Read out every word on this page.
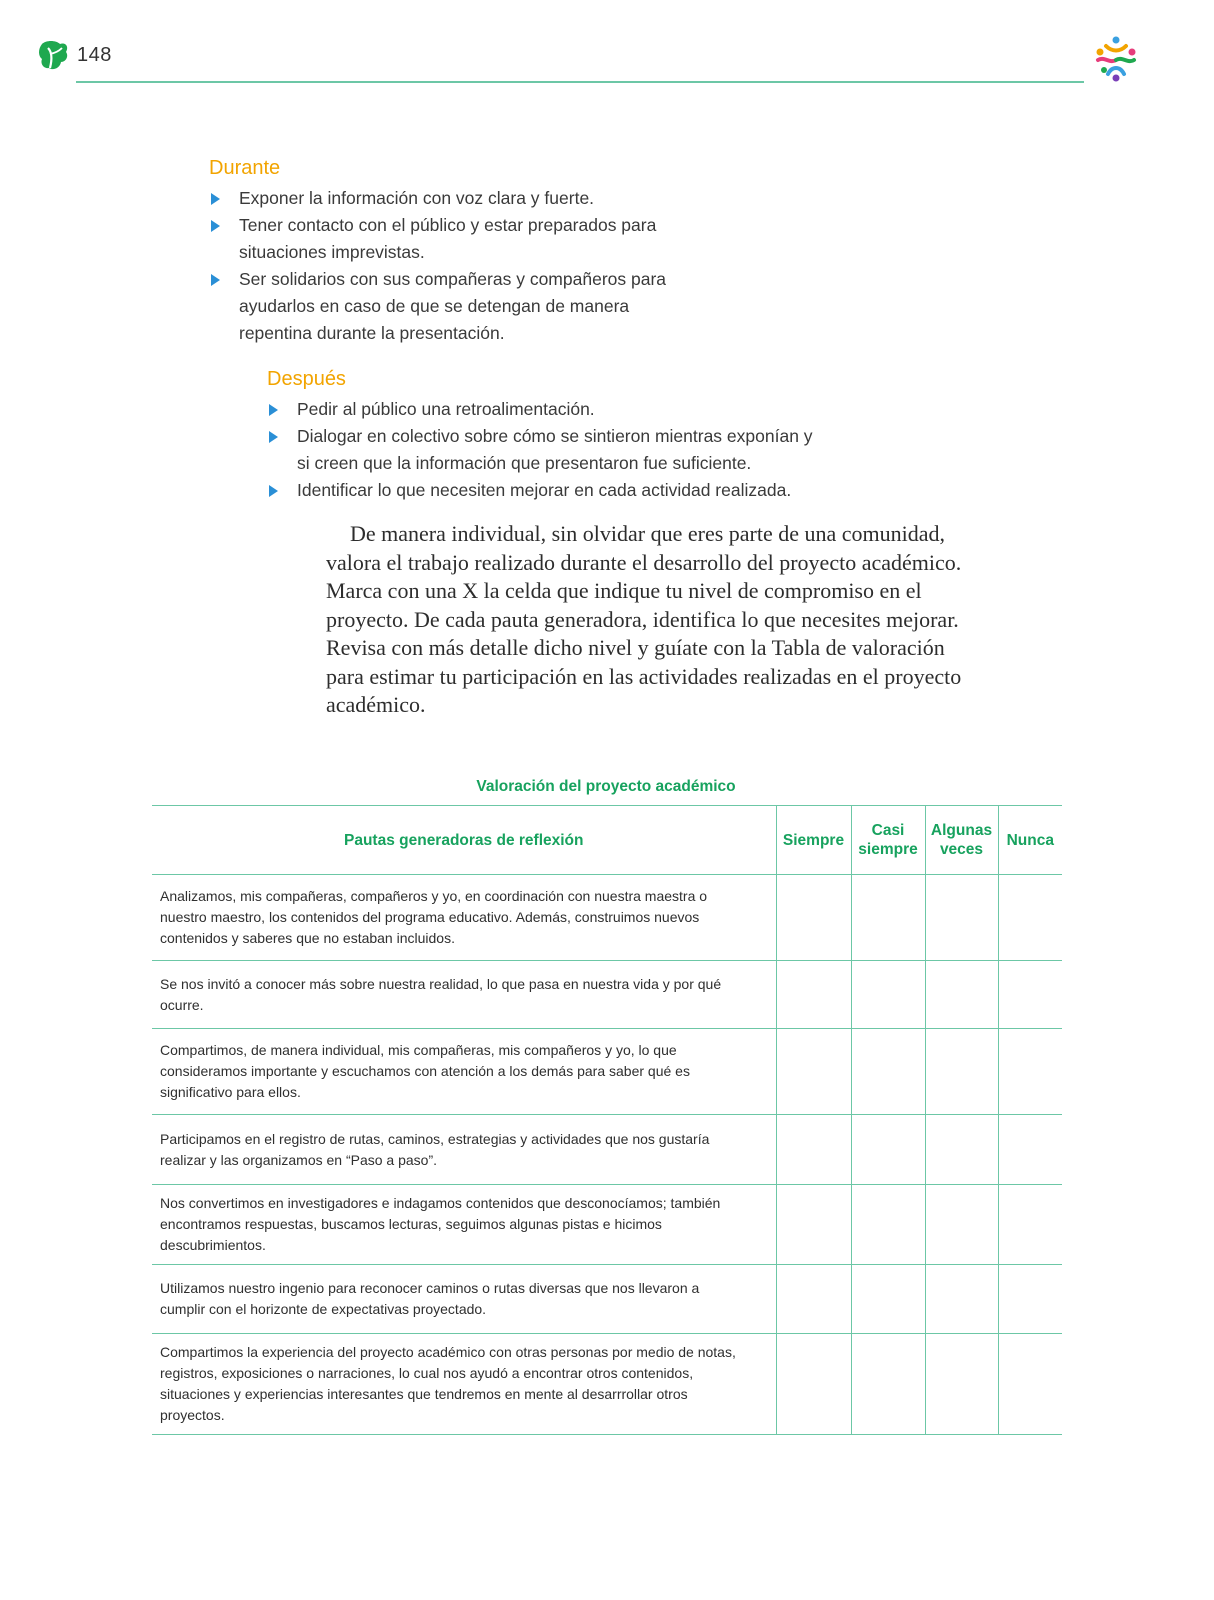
148
Durante
Exponer la información con voz clara y fuerte.
Tener contacto con el público y estar preparados para situaciones imprevistas.
Ser solidarios con sus compañeras y compañeros para ayudarlos en caso de que se detengan de manera repentina durante la presentación.
Después
Pedir al público una retroalimentación.
Dialogar en colectivo sobre cómo se sintieron mientras exponían y si creen que la información que presentaron fue suficiente.
Identificar lo que necesiten mejorar en cada actividad realizada.

De manera individual, sin olvidar que eres parte de una comunidad, valora el trabajo realizado durante el desarrollo del proyecto académico. Marca con una X la celda que indique tu nivel de compromiso en el proyecto. De cada pauta generadora, identifica lo que necesites mejorar. Revisa con más detalle dicho nivel y guíate con la Tabla de valoración para estimar tu participación en las actividades realizadas en el proyecto académico.

Valoración del proyecto académico
Pautas generadoras de reflexión	Siempre	Casi siempre	Algunas veces	Nunca
Analizamos, mis compañeras, compañeros y yo, en coordinación con nuestra maestra o nuestro maestro, los contenidos del programa educativo. Además, construimos nuevos contenidos y saberes que no estaban incluidos.				
Se nos invitó a conocer más sobre nuestra realidad, lo que pasa en nuestra vida y por qué ocurre.				
Compartimos, de manera individual, mis compañeras, mis compañeros y yo, lo que consideramos importante y escuchamos con atención a los demás para saber qué es significativo para ellos.				
Participamos en el registro de rutas, caminos, estrategias y actividades que nos gustaría realizar y las organizamos en “Paso a paso”.				
Nos convertimos en investigadores e indagamos contenidos que desconocíamos; también encontramos respuestas, buscamos lecturas, seguimos algunas pistas e hicimos descubrimientos.				
Utilizamos nuestro ingenio para reconocer caminos o rutas diversas que nos llevaron a cumplir con el horizonte de expectativas proyectado.				
Compartimos la experiencia del proyecto académico con otras personas por medio de notas, registros, exposiciones o narraciones, lo cual nos ayudó a encontrar otros contenidos, situaciones y experiencias interesantes que tendremos en mente al desarrrollar otros proyectos.				
